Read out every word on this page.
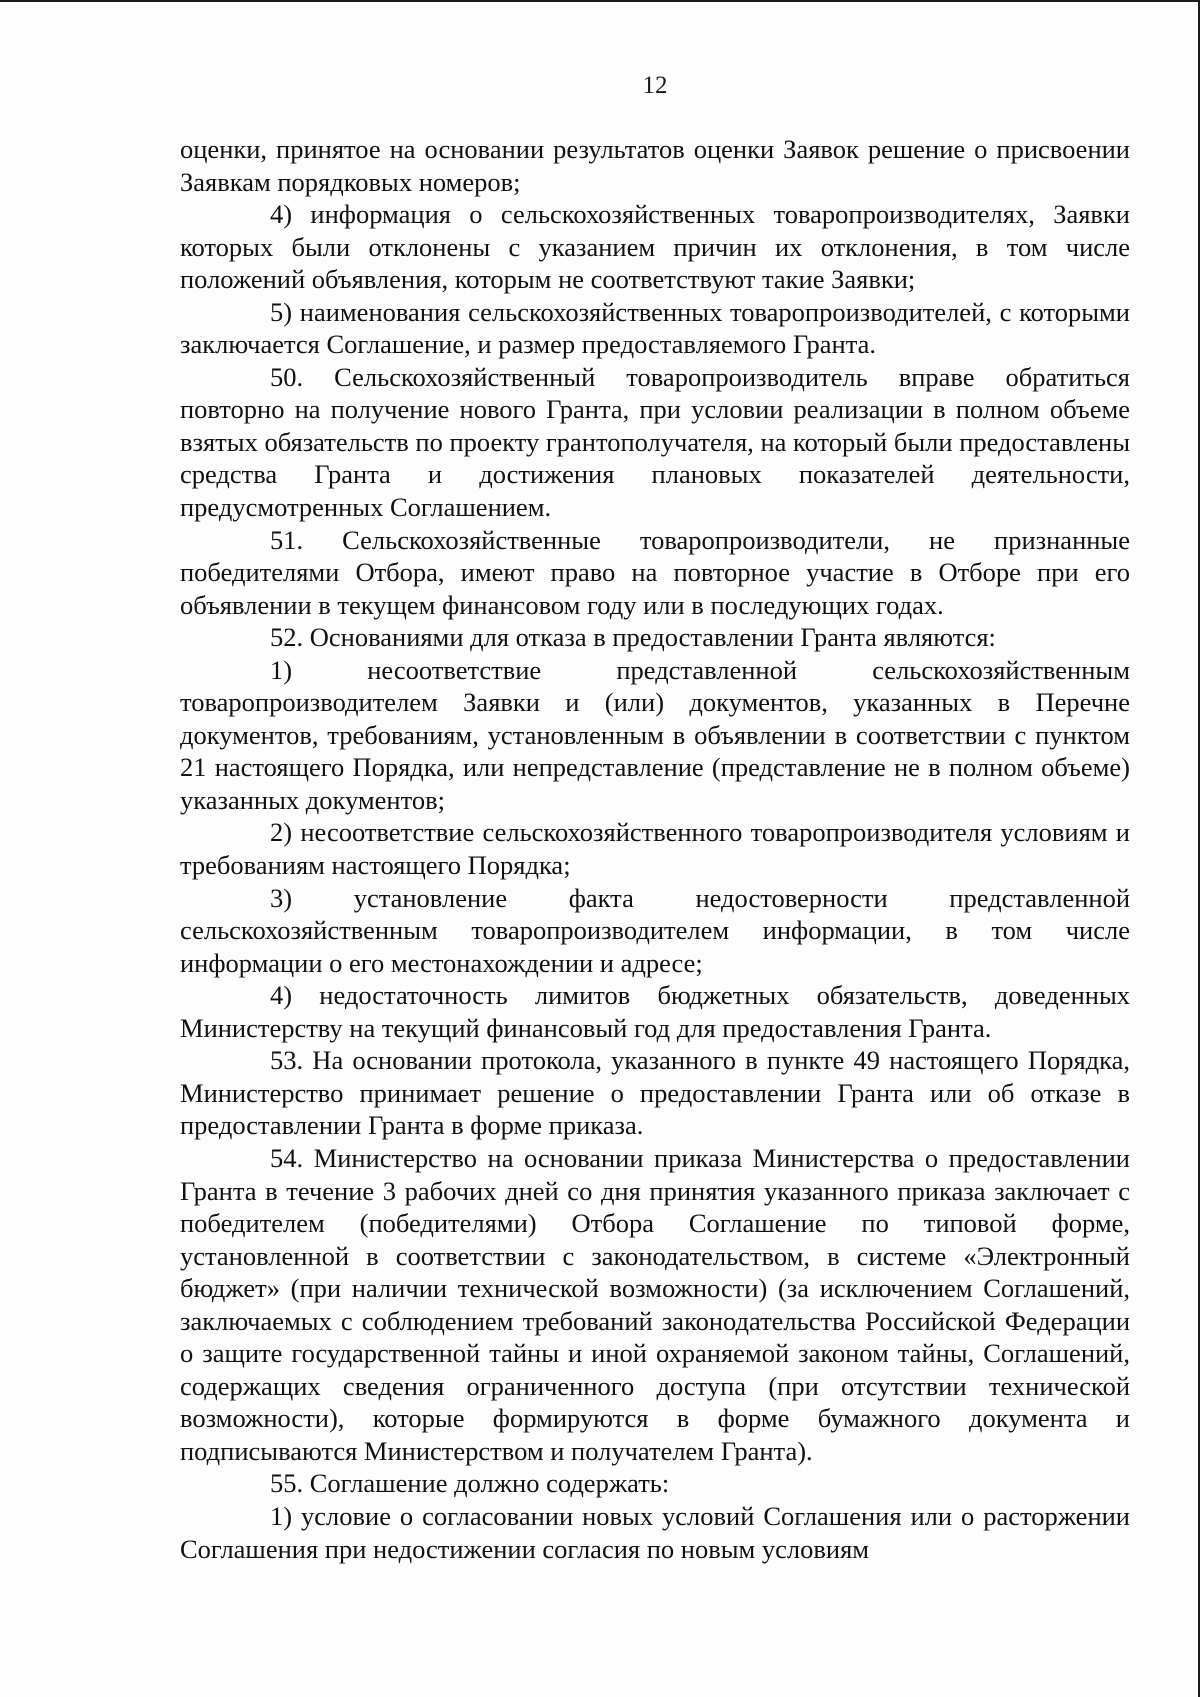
12

оценки, принятое на основании результатов оценки Заявок решение о присвоении Заявкам порядковых номеров;

4) информация о сельскохозяйственных товаропроизводителях, Заявки которых были отклонены с указанием причин их отклонения, в том числе положений объявления, которым не соответствуют такие Заявки;

5) наименования сельскохозяйственных товаропроизводителей, с которыми заключается Соглашение, и размер предоставляемого Гранта.

50. Сельскохозяйственный товаропроизводитель вправе обратиться повторно на получение нового Гранта, при условии реализации в полном объеме взятых обязательств по проекту грантополучателя, на который были предоставлены средства Гранта и достижения плановых показателей деятельности, предусмотренных Соглашением.

51. Сельскохозяйственные товаропроизводители, не признанные победителями Отбора, имеют право на повторное участие в Отборе при его объявлении в текущем финансовом году или в последующих годах.

52. Основаниями для отказа в предоставлении Гранта являются:

1) несоответствие представленной сельскохозяйственным товаропроизводителем Заявки и (или) документов, указанных в Перечне документов, требованиям, установленным в объявлении в соответствии с пунктом 21 настоящего Порядка, или непредставление (представление не в полном объеме) указанных документов;

2) несоответствие сельскохозяйственного товаропроизводителя условиям и требованиям настоящего Порядка;

3) установление факта недостоверности представленной сельскохозяйственным товаропроизводителем информации, в том числе информации о его местонахождении и адресе;

4) недостаточность лимитов бюджетных обязательств, доведенных Министерству на текущий финансовый год для предоставления Гранта.

53. На основании протокола, указанного в пункте 49 настоящего Порядка, Министерство принимает решение о предоставлении Гранта или об отказе в предоставлении Гранта в форме приказа.

54. Министерство на основании приказа Министерства о предоставлении Гранта в течение 3 рабочих дней со дня принятия указанного приказа заключает с победителем (победителями) Отбора Соглашение по типовой форме, установленной в соответствии с законодательством, в системе «Электронный бюджет» (при наличии технической возможности) (за исключением Соглашений, заключаемых с соблюдением требований законодательства Российской Федерации о защите государственной тайны и иной охраняемой законом тайны, Соглашений, содержащих сведения ограниченного доступа (при отсутствии технической возможности), которые формируются в форме бумажного документа и подписываются Министерством и получателем Гранта).

55. Соглашение должно содержать:

1) условие о согласовании новых условий Соглашения или о расторжении Соглашения при недостижении согласия по новым условиям
